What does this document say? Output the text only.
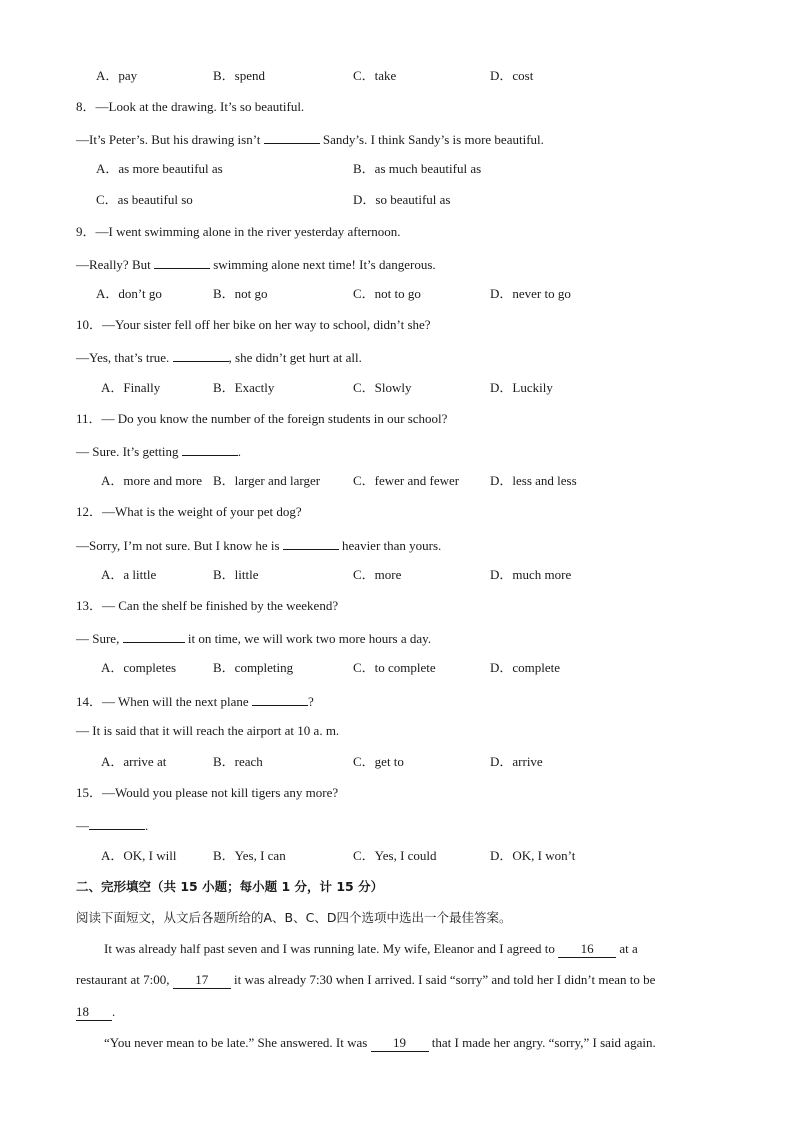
A．pay	B．spend	C．take	D．cost
8．—Look at the drawing. It’s so beautiful.
—It’s Peter’s. But his drawing isn’t	Sandy’s. I think Sandy’s is more beautiful.
A．as more beautiful as	B．as much beautiful as
C．as beautiful so	D．so beautiful as
9．—I went swimming alone in the river yesterday afternoon.
—Really? But	swimming alone next time! It’s dangerous.
A．don’t go	B．not go	C．not to go	D．never to go
10．—Your sister fell off her bike on her way to school, didn’t she?
—Yes, that’s true.	, she didn’t get hurt at all.
A．Finally	B．Exactly	C．Slowly	D．Luckily
11．— Do you know the number of the foreign students in our school?
— Sure. It’s getting	.
A．more and more B．larger and larger	C．fewer and fewer D．less and less
12．—What is the weight of your pet dog?
—Sorry, I’m not sure. But I know he is	heavier than yours.
A．a little	B．little	C．more	D．much more
13．— Can the shelf be finished by the weekend?
— Sure,	it on time, we will work two more hours a day.
A．completes	B．completing	C．to complete	D．complete
14．— When will the next plane	?
— It is said that it will reach the airport at 10 a. m.
A．arrive at	B．reach	C．get to	D．arrive
15．—Would you please not kill tigers any more?
—	.
A．OK, I will	B．Yes, I can	C．Yes, I could	D．OK, I won’t
二、完形填空（共 15 小题；每小题 1 分，计 15 分）
阅读下面短文，从文后各题所给的A、B、C、D四个选项中选出一个最佳答案。
It was already half past seven and I was running late. My wife, Eleanor and I agreed to 16 at a
restaurant at 7:00, 17 it was already 7:30 when I arrived. I said “sorry” and told her I didn’t mean to be
18 .
“You never mean to be late.” She answered. It was 19 that I made her angry. “sorry,” I said again.
